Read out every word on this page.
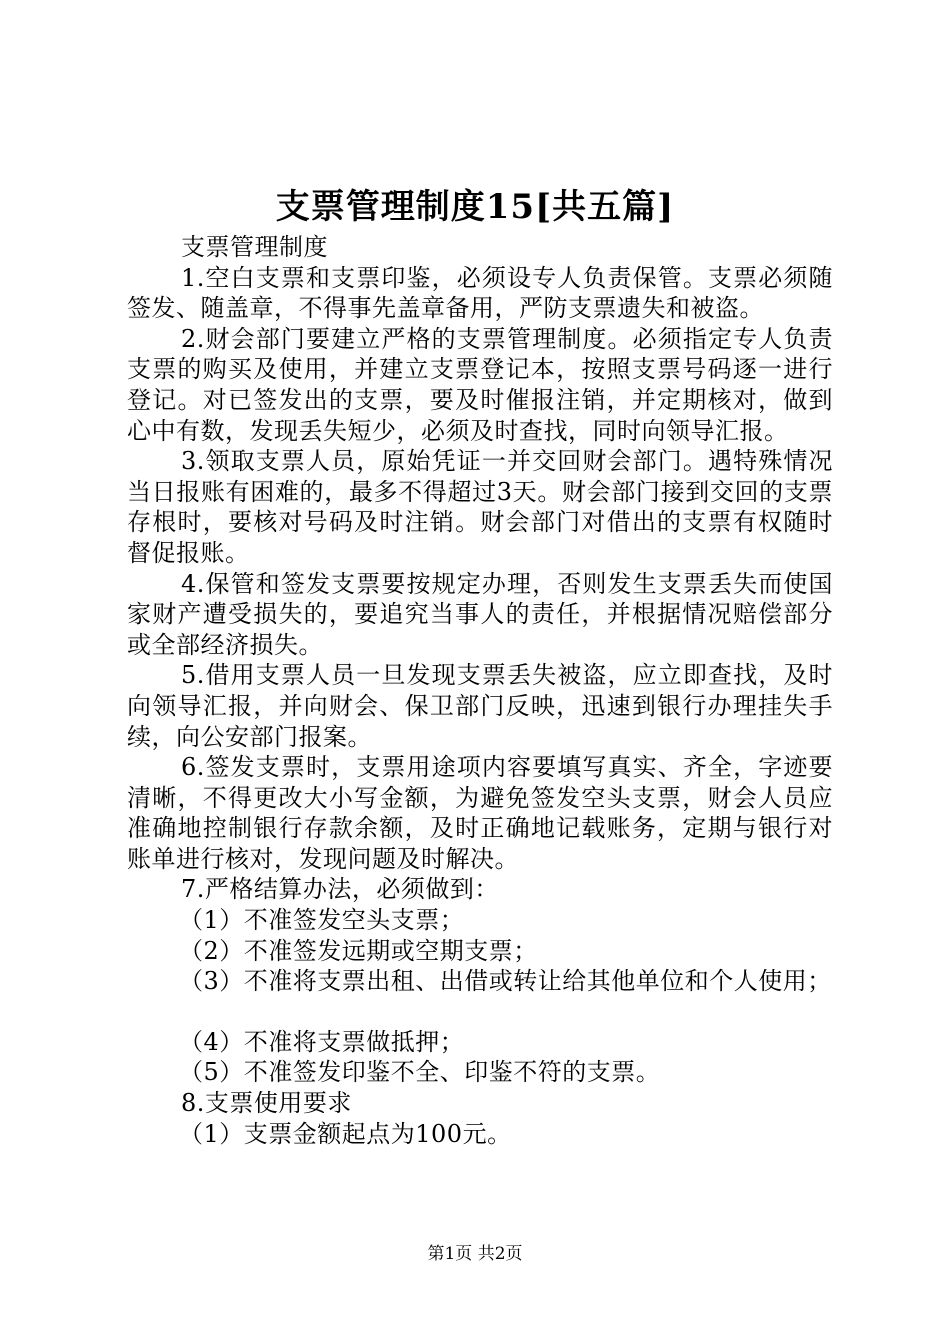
支票管理制度15[共五篇]

支票管理制度

1.空白支票和支票印鉴，必须设专人负责保管。支票必须随签发、随盖章，不得事先盖章备用，严防支票遗失和被盗。

2.财会部门要建立严格的支票管理制度。必须指定专人负责支票的购买及使用，并建立支票登记本，按照支票号码逐一进行登记。对已签发出的支票，要及时催报注销，并定期核对，做到心中有数，发现丢失短少，必须及时查找，同时向领导汇报。

3.领取支票人员，原始凭证一并交回财会部门。遇特殊情况当日报账有困难的，最多不得超过3天。财会部门接到交回的支票存根时，要核对号码及时注销。财会部门对借出的支票有权随时督促报账。

4.保管和签发支票要按规定办理，否则发生支票丢失而使国家财产遭受损失的，要追究当事人的责任，并根据情况赔偿部分或全部经济损失。

5.借用支票人员一旦发现支票丢失被盗，应立即查找，及时向领导汇报，并向财会、保卫部门反映，迅速到银行办理挂失手续，向公安部门报案。

6.签发支票时，支票用途项内容要填写真实、齐全，字迹要清晰，不得更改大小写金额，为避免签发空头支票，财会人员应准确地控制银行存款余额，及时正确地记载账务，定期与银行对账单进行核对，发现问题及时解决。

7.严格结算办法，必须做到：

（1）不准签发空头支票；

（2）不准签发远期或空期支票；

（3）不准将支票出租、出借或转让给其他单位和个人使用；

（4）不准将支票做抵押；

（5）不准签发印鉴不全、印鉴不符的支票。

8.支票使用要求

（1）支票金额起点为100元。

第1页 共2页
